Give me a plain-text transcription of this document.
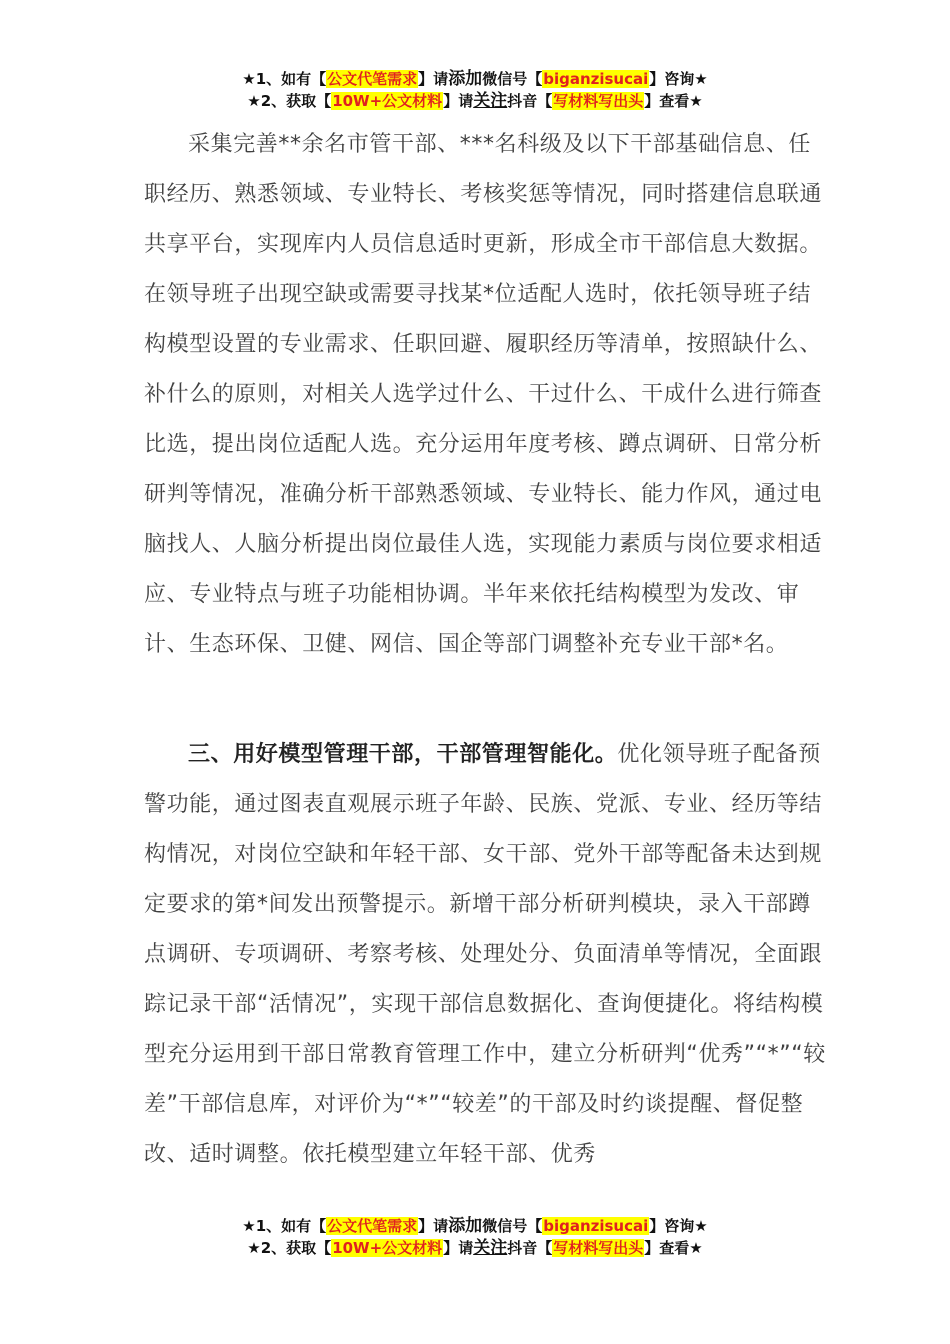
★1、如有【公文代笔需求】请添加微信号【biganzisucai】咨询★
★2、获取【10W+公文材料】请关注抖音【写材料写出头】查看★
采集完善**余名市管干部、***名科级及以下干部基础信息、任职经历、熟悉领域、专业特长、考核奖惩等情况，同时搭建信息联通共享平台，实现库内人员信息适时更新，形成全市干部信息大数据。在领导班子出现空缺或需要寻找某*位适配人选时，依托领导班子结构模型设置的专业需求、任职回避、履职经历等清单，按照缺什么、补什么的原则，对相关人选学过什么、干过什么、干成什么进行筛查比选，提出岗位适配人选。充分运用年度考核、蹲点调研、日常分析研判等情况，准确分析干部熟悉领域、专业特长、能力作风，通过电脑找人、人脑分析提出岗位最佳人选，实现能力素质与岗位要求相适应、专业特点与班子功能相协调。半年来依托结构模型为发改、审计、生态环保、卫健、网信、国企等部门调整补充专业干部*名。
三、用好模型管理干部，干部管理智能化。优化领导班子配备预警功能，通过图表直观展示班子年龄、民族、党派、专业、经历等结构情况，对岗位空缺和年轻干部、女干部、党外干部等配备未达到规定要求的第*间发出预警提示。新增干部分析研判模块，录入干部蹲点调研、专项调研、考察考核、处理处分、负面清单等情况，全面跟踪记录干部“活情况”，实现干部信息数据化、查询便捷化。将结构模型充分运用到干部日常教育管理工作中，建立分析研判“优秀”“*”“较差”干部信息库，对评价为“*”“较差”的干部及时约谈提醒、督促整改、适时调整。依托模型建立年轻干部、优秀
★1、如有【公文代笔需求】请添加微信号【biganzisucai】咨询★
★2、获取【10W+公文材料】请关注抖音【写材料写出头】查看★
